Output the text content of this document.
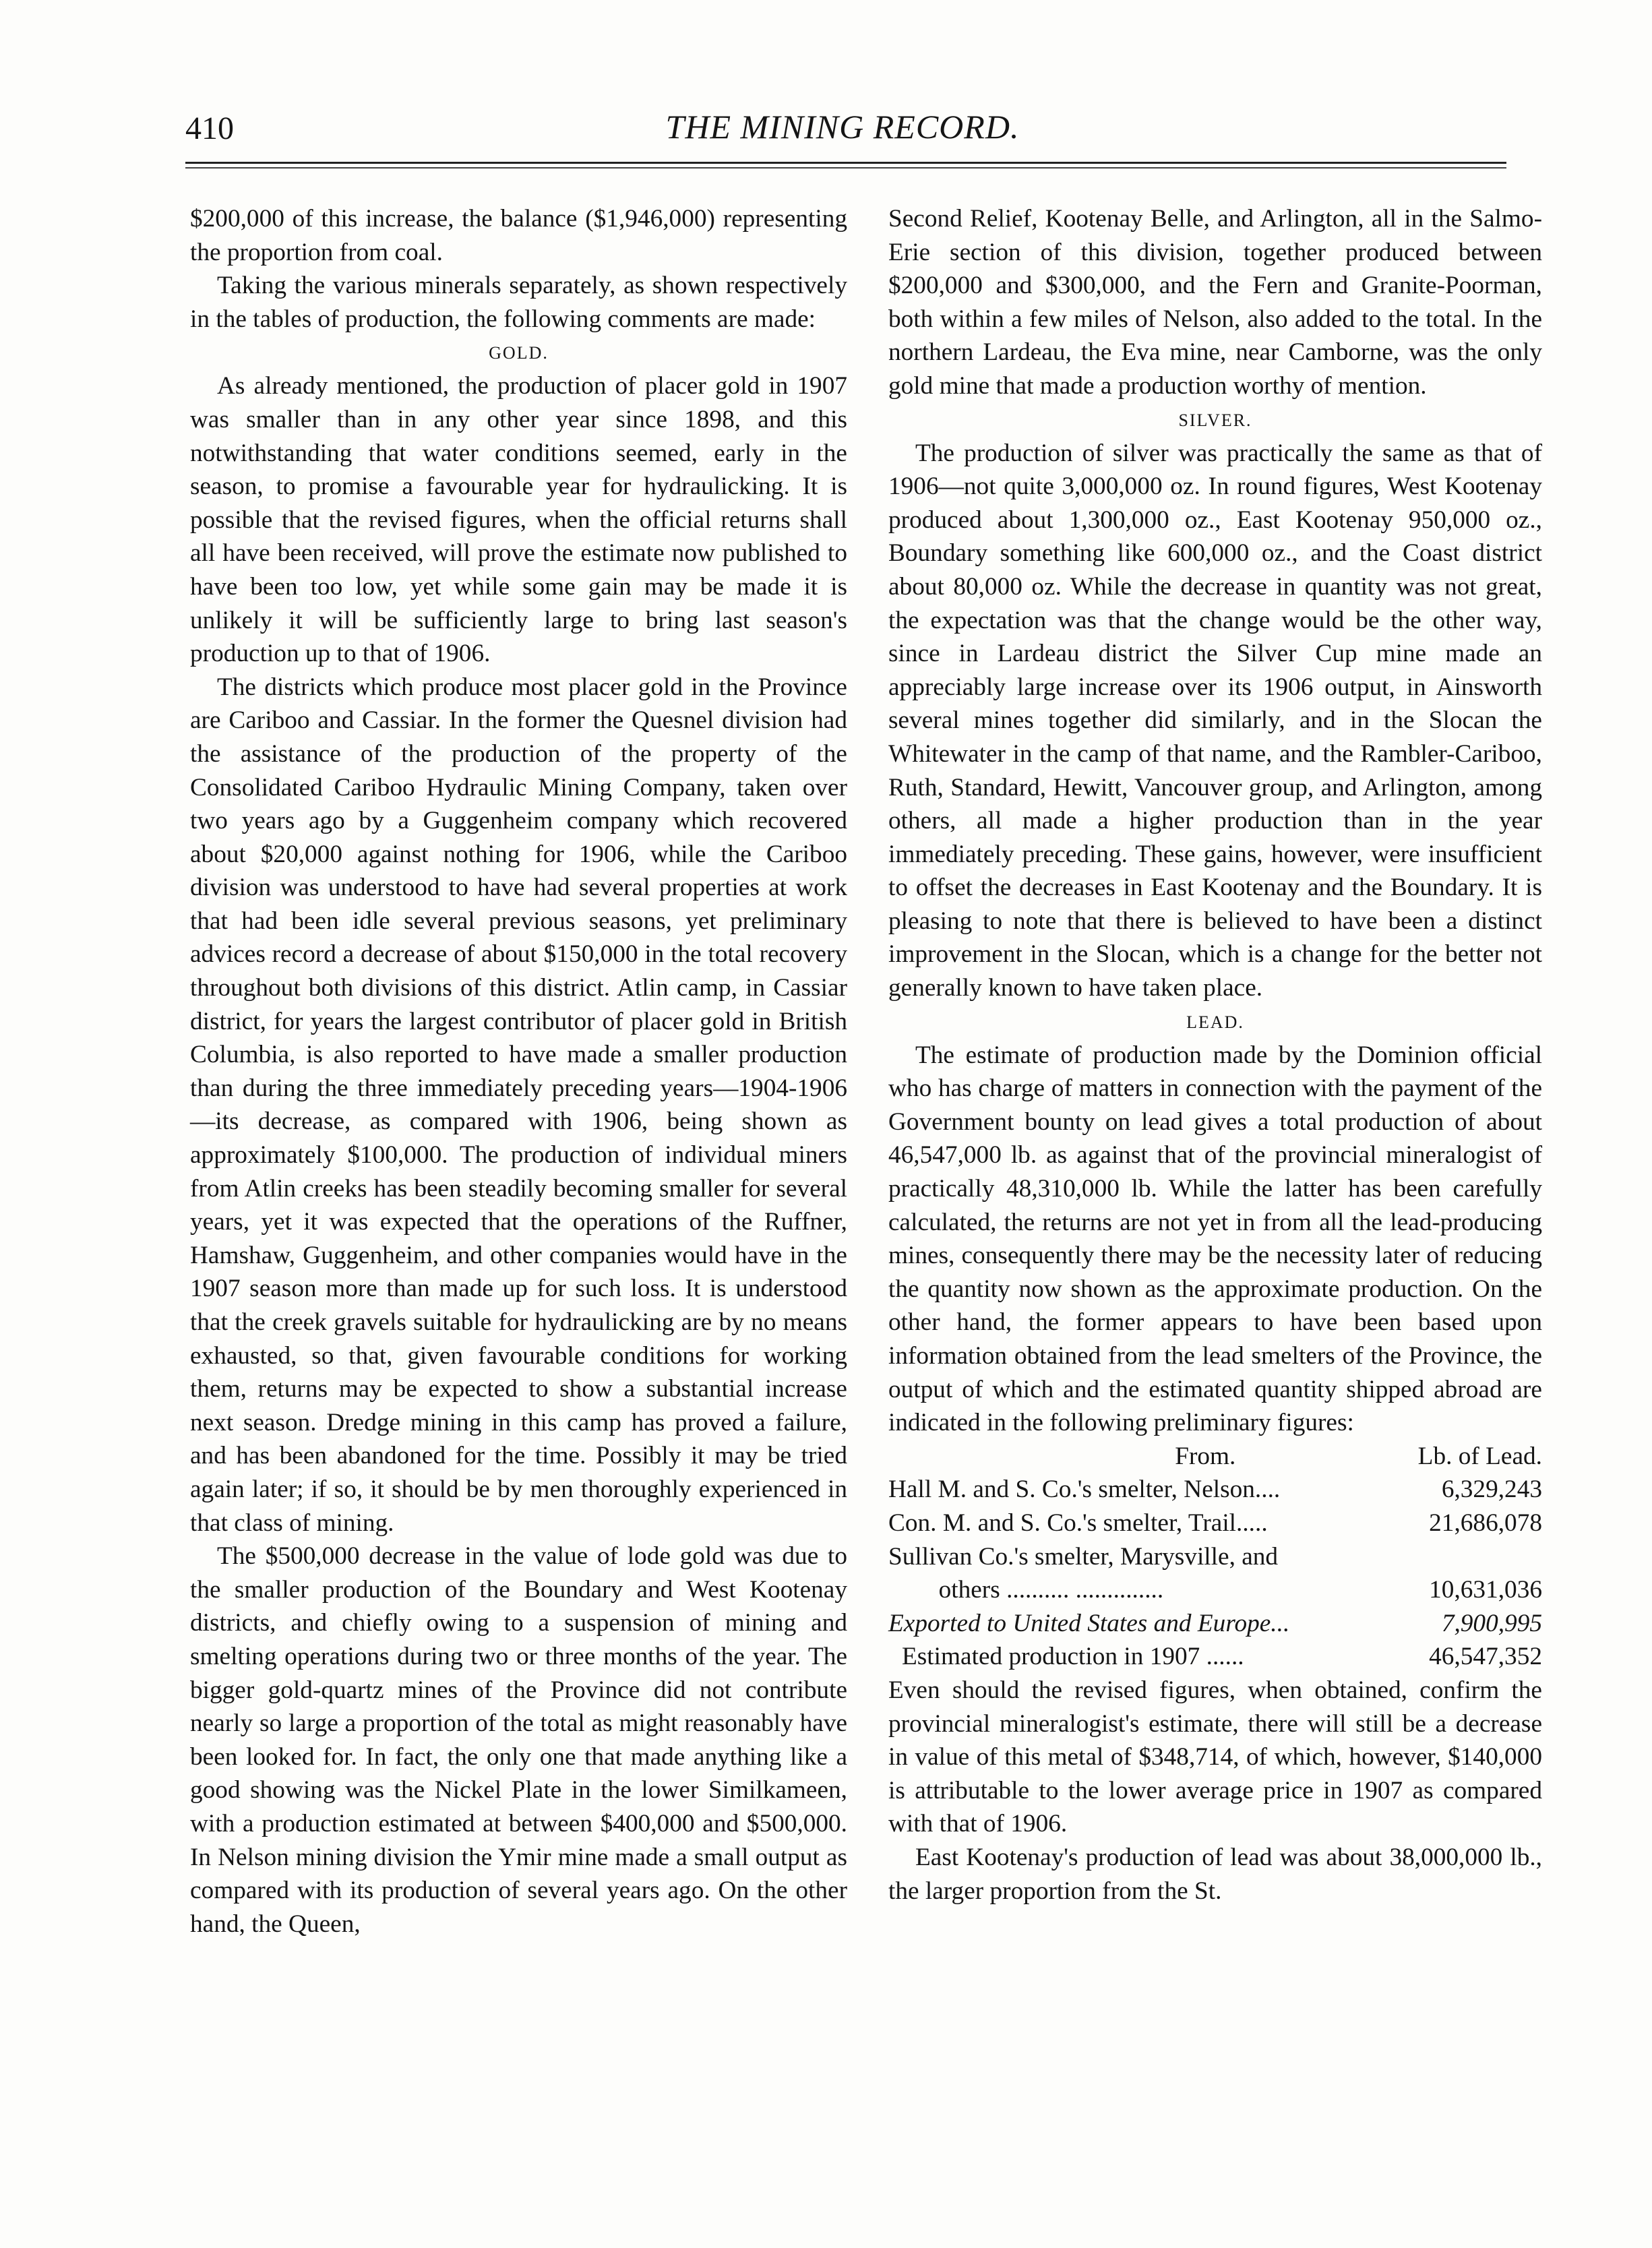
410	THE MINING RECORD.

$200,000 of this increase, the balance ($1,946,000) representing the proportion from coal.

Taking the various minerals separately, as shown respectively in the tables of production, the following comments are made:

GOLD.

As already mentioned, the production of placer gold in 1907 was smaller than in any other year since 1898, and this notwithstanding that water conditions seemed, early in the season, to promise a favourable year for hydraulicking. It is possible that the revised figures, when the official returns shall all have been received, will prove the estimate now published to have been too low, yet while some gain may be made it is unlikely it will be sufficiently large to bring last season's production up to that of 1906.

The districts which produce most placer gold in the Province are Cariboo and Cassiar. In the former the Quesnel division had the assistance of the production of the property of the Consolidated Cariboo Hydraulic Mining Company, taken over two years ago by a Guggenheim company which recovered about $20,000 against nothing for 1906, while the Cariboo division was understood to have had several properties at work that had been idle several previous seasons, yet preliminary advices record a decrease of about $150,000 in the total recovery throughout both divisions of this district. Atlin camp, in Cassiar district, for years the largest contributor of placer gold in British Columbia, is also reported to have made a smaller production than during the three immediately preceding years—1904-1906—its decrease, as compared with 1906, being shown as approximately $100,000. The production of individual miners from Atlin creeks has been steadily becoming smaller for several years, yet it was expected that the operations of the Ruffner, Hamshaw, Guggenheim, and other companies would have in the 1907 season more than made up for such loss. It is understood that the creek gravels suitable for hydraulicking are by no means exhausted, so that, given favourable conditions for working them, returns may be expected to show a substantial increase next season. Dredge mining in this camp has proved a failure, and has been abandoned for the time. Possibly it may be tried again later; if so, it should be by men thoroughly experienced in that class of mining.

The $500,000 decrease in the value of lode gold was due to the smaller production of the Boundary and West Kootenay districts, and chiefly owing to a suspension of mining and smelting operations during two or three months of the year. The bigger gold-quartz mines of the Province did not contribute nearly so large a proportion of the total as might reasonably have been looked for. In fact, the only one that made anything like a good showing was the Nickel Plate in the lower Similkameen, with a production estimated at between $400,000 and $500,000. In Nelson mining division the Ymir mine made a small output as compared with its production of several years ago. On the other hand, the Queen,

Second Relief, Kootenay Belle, and Arlington, all in the Salmo-Erie section of this division, together produced between $200,000 and $300,000, and the Fern and Granite-Poorman, both within a few miles of Nelson, also added to the total. In the northern Lardeau, the Eva mine, near Camborne, was the only gold mine that made a production worthy of mention.

SILVER.

The production of silver was practically the same as that of 1906—not quite 3,000,000 oz. In round figures, West Kootenay produced about 1,300,000 oz., East Kootenay 950,000 oz., Boundary something like 600,000 oz., and the Coast district about 80,000 oz. While the decrease in quantity was not great, the expectation was that the change would be the other way, since in Lardeau district the Silver Cup mine made an appreciably large increase over its 1906 output, in Ainsworth several mines together did similarly, and in the Slocan the Whitewater in the camp of that name, and the Rambler-Cariboo, Ruth, Standard, Hewitt, Vancouver group, and Arlington, among others, all made a higher production than in the year immediately preceding. These gains, however, were insufficient to offset the decreases in East Kootenay and the Boundary. It is pleasing to note that there is believed to have been a distinct improvement in the Slocan, which is a change for the better not generally known to have taken place.

LEAD.

The estimate of production made by the Dominion official who has charge of matters in connection with the payment of the Government bounty on lead gives a total production of about 46,547,000 lb. as against that of the provincial mineralogist of practically 48,310,000 lb. While the latter has been carefully calculated, the returns are not yet in from all the lead-producing mines, consequently there may be the necessity later of reducing the quantity now shown as the approximate production. On the other hand, the former appears to have been based upon information obtained from the lead smelters of the Province, the output of which and the estimated quantity shipped abroad are indicated in the following preliminary figures:

From.	Lb. of Lead.
Hall M. and S. Co.'s smelter, Nelson....	6,329,243
Con. M. and S. Co.'s smelter, Trail.....	21,686,078
Sullivan Co.'s smelter, Marysville, and	
others .......... ..............	10,631,036
Exported to United States and Europe...	7,900,995
Estimated production in 1907 ......	46,547,352

Even should the revised figures, when obtained, confirm the provincial mineralogist's estimate, there will still be a decrease in value of this metal of $348,714, of which, however, $140,000 is attributable to the lower average price in 1907 as compared with that of 1906.

East Kootenay's production of lead was about 38,000,000 lb., the larger proportion from the St.
